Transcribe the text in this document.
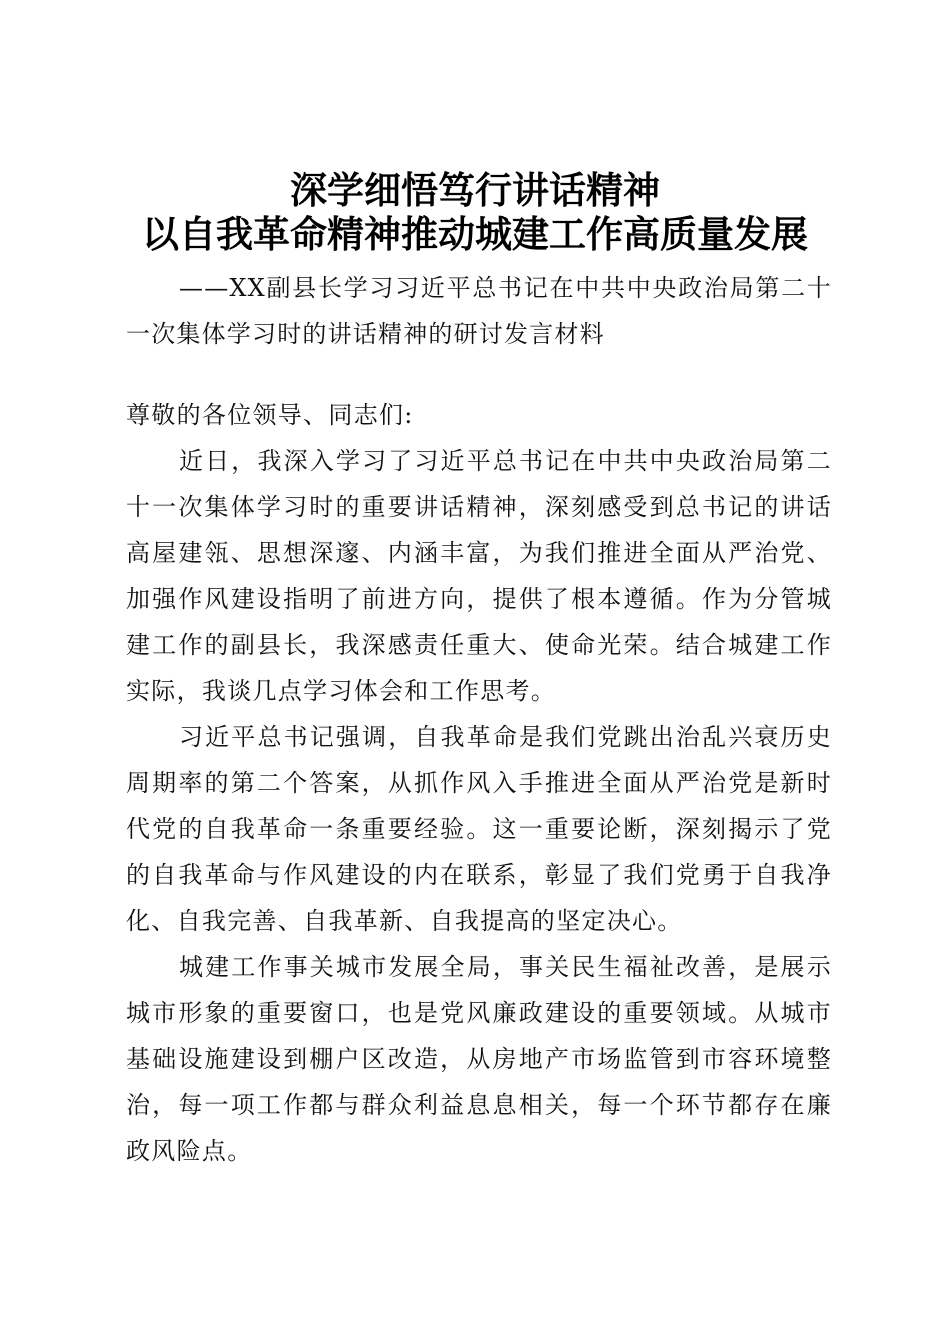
深学细悟笃行讲话精神
以自我革命精神推动城建工作高质量发展
——XX副县长学习习近平总书记在中共中央政治局第二十一次集体学习时的讲话精神的研讨发言材料
尊敬的各位领导、同志们:
近日，我深入学习了习近平总书记在中共中央政治局第二十一次集体学习时的重要讲话精神，深刻感受到总书记的讲话高屋建瓴、思想深邃、内涵丰富，为我们推进全面从严治党、加强作风建设指明了前进方向，提供了根本遵循。作为分管城建工作的副县长，我深感责任重大、使命光荣。结合城建工作实际，我谈几点学习体会和工作思考。
习近平总书记强调，自我革命是我们党跳出治乱兴衰历史周期率的第二个答案，从抓作风入手推进全面从严治党是新时代党的自我革命一条重要经验。这一重要论断，深刻揭示了党的自我革命与作风建设的内在联系，彰显了我们党勇于自我净化、自我完善、自我革新、自我提高的坚定决心。
城建工作事关城市发展全局，事关民生福祉改善，是展示城市形象的重要窗口，也是党风廉政建设的重要领域。从城市基础设施建设到棚户区改造，从房地产市场监管到市容环境整治，每一项工作都与群众利益息息相关，每一个环节都存在廉政风险点。
